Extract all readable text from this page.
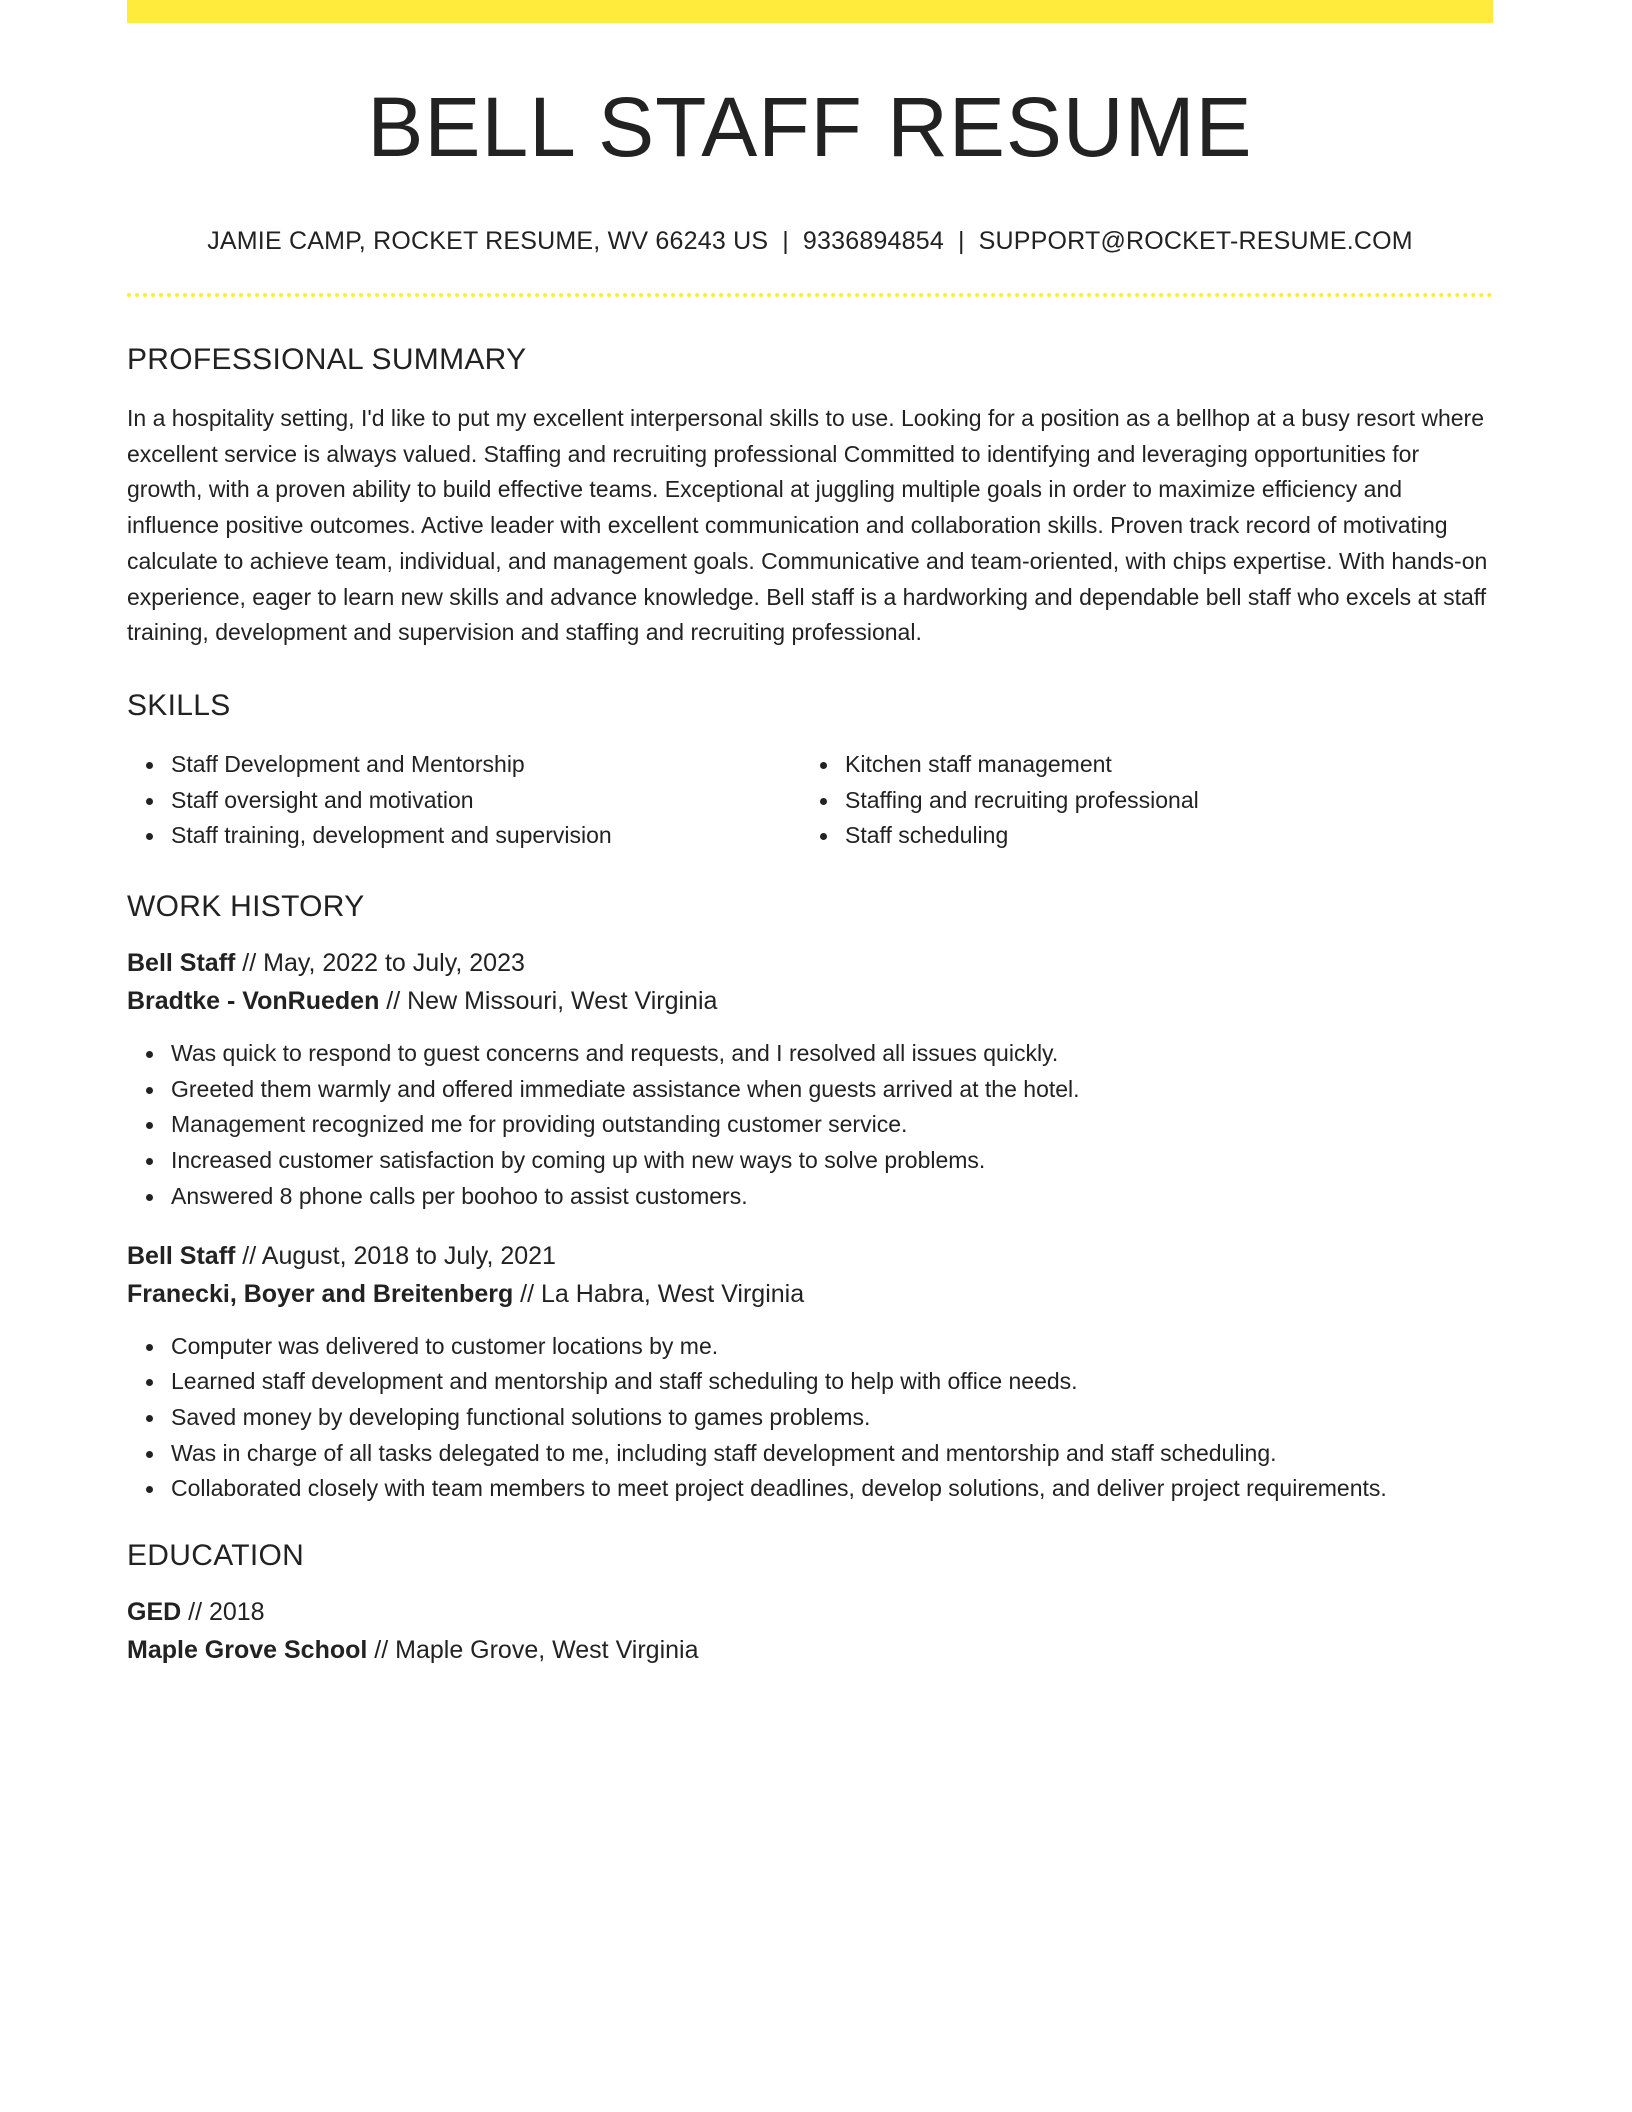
BELL STAFF RESUME
JAMIE CAMP, ROCKET RESUME, WV 66243 US | 9336894854 | SUPPORT@ROCKET-RESUME.COM
PROFESSIONAL SUMMARY

In a hospitality setting, I'd like to put my excellent interpersonal skills to use. Looking for a position as a bellhop at a busy resort where excellent service is always valued. Staffing and recruiting professional Committed to identifying and leveraging opportunities for growth, with a proven ability to build effective teams. Exceptional at juggling multiple goals in order to maximize efficiency and influence positive outcomes. Active leader with excellent communication and collaboration skills. Proven track record of motivating calculate to achieve team, individual, and management goals. Communicative and team-oriented, with chips expertise. With hands-on experience, eager to learn new skills and advance knowledge. Bell staff is a hardworking and dependable bell staff who excels at staff training, development and supervision and staffing and recruiting professional.

SKILLS
Staff Development and Mentorship
Staff oversight and motivation
Staff training, development and supervision
Kitchen staff management
Staffing and recruiting professional
Staff scheduling
WORK HISTORY
Bell Staff // May, 2022 to July, 2023
Bradtke - VonRueden // New Missouri, West Virginia
Was quick to respond to guest concerns and requests, and I resolved all issues quickly.
Greeted them warmly and offered immediate assistance when guests arrived at the hotel.
Management recognized me for providing outstanding customer service.
Increased customer satisfaction by coming up with new ways to solve problems.
Answered 8 phone calls per boohoo to assist customers.
Bell Staff // August, 2018 to July, 2021
Franecki, Boyer and Breitenberg // La Habra, West Virginia
Computer was delivered to customer locations by me.
Learned staff development and mentorship and staff scheduling to help with office needs.
Saved money by developing functional solutions to games problems.
Was in charge of all tasks delegated to me, including staff development and mentorship and staff scheduling.
Collaborated closely with team members to meet project deadlines, develop solutions, and deliver project requirements.
EDUCATION
GED // 2018
Maple Grove School // Maple Grove, West Virginia
